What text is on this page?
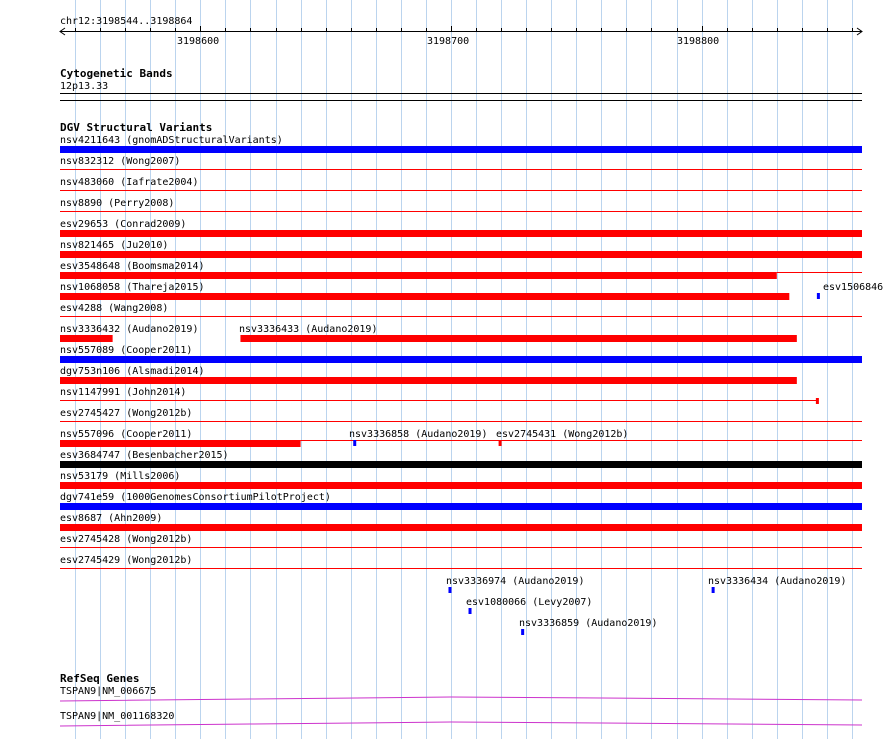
chr12:3198544..3198864
3198600	3198700	3198800
Cytogenetic Bands
12p13.33
DGV Structural Variants
nsv4211643 (gnomADStructuralVariants)
nsv832312 (Wong2007)
nsv483060 (Iafrate2004)
nsv8890 (Perry2008)
esv29653 (Conrad2009)
nsv821465 (Ju2010)
esv3548648 (Boomsma2014)
nsv1068058 (Thareja2015)	esv1506846
esv4288 (Wang2008)
nsv3336432 (Audano2019)	nsv3336433 (Audano2019)
nsv557089 (Cooper2011)
dgv753n106 (Alsmadi2014)
nsv1147991 (John2014)
esv2745427 (Wong2012b)
nsv557096 (Cooper2011)	nsv3336858 (Audano2019) esv2745431 (Wong2012b)
esv3684747 (Besenbacher2015)
nsv53179 (Mills2006)
dgv741e59 (1000GenomesConsortiumPilotProject)
esv8687 (Ahn2009)
esv2745428 (Wong2012b)
esv2745429 (Wong2012b)
nsv3336974 (Audano2019)	nsv3336434 (Audano2019)
esv1080066 (Levy2007)
nsv3336859 (Audano2019)
RefSeq Genes
TSPAN9|NM_006675
TSPAN9|NM_001168320
